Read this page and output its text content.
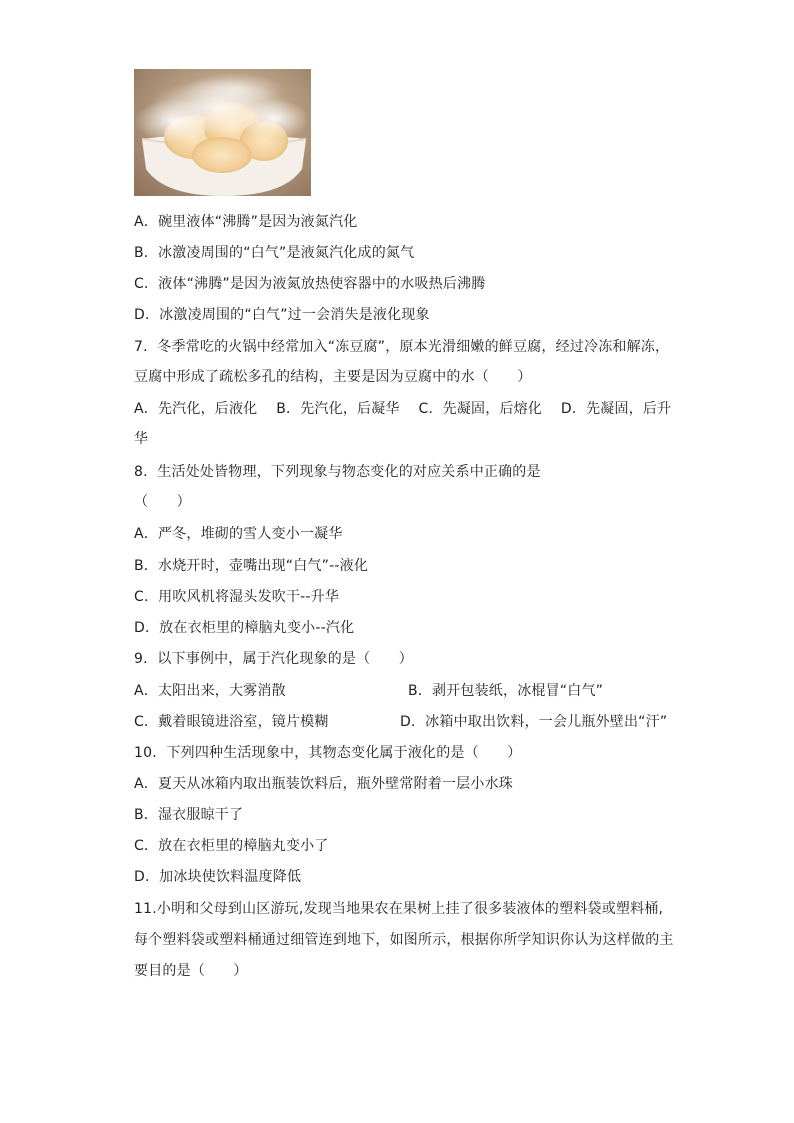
A．碗里液体“沸腾”是因为液氮汽化
B．冰激凌周围的“白气”是液氮汽化成的氮气
C．液体“沸腾”是因为液氮放热使容器中的水吸热后沸腾
D．冰激凌周围的“白气”过一会消失是液化现象
7．冬季常吃的火锅中经常加入“冻豆腐”，原本光滑细嫩的鲜豆腐，经过冷冻和解冻，
豆腐中形成了疏松多孔的结构，主要是因为豆腐中的水（　　）
A．先汽化，后液化　 B．先汽化，后凝华　 C．先凝固，后熔化　 D．先凝固，后升
华
8．生活处处皆物理，下列现象与物态变化的对应关系中正确的是
（　　）
A．严冬，堆砌的雪人变小一凝华
B．水烧开时，壶嘴出现“白气”--液化
C．用吹风机将湿头发吹干--升华
D．放在衣柜里的樟脑丸变小--汽化
9．以下事例中，属于汽化现象的是（　　）
A．太阳出来，大雾消散	B．剥开包装纸，冰棍冒“白气”
C．戴着眼镜进浴室，镜片模糊	D．冰箱中取出饮料，一会儿瓶外壁出“汗”
10．下列四种生活现象中，其物态变化属于液化的是（　　）
A．夏天从冰箱内取出瓶装饮料后，瓶外壁常附着一层小水珠
B．湿衣服晾干了
C．放在衣柜里的樟脑丸变小了
D．加冰块使饮料温度降低
11.小明和父母到山区游玩,发现当地果农在果树上挂了很多装液体的塑料袋或塑料桶,
每个塑料袋或塑料桶通过细管连到地下，如图所示，根据你所学知识你认为这样做的主
要目的是（　　）
